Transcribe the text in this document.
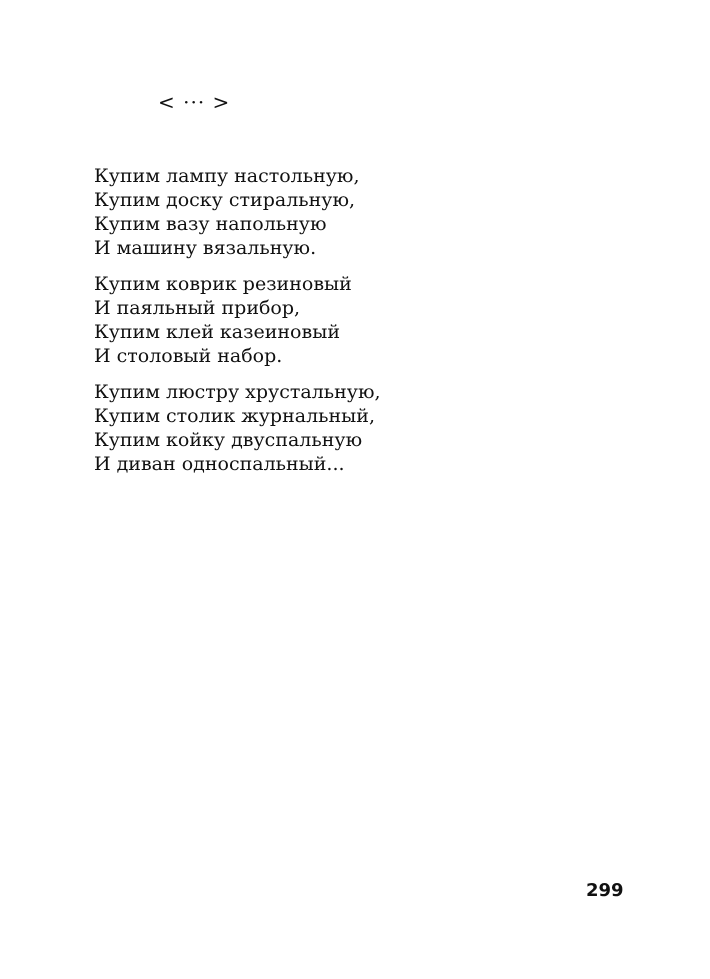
< ··· >
Купим лампу настольную,
Купим доску стиральную,
Купим вазу напольную
И машину вязальную.
Купим коврик резиновый
И паяльный прибор,
Купим клей казеиновый
И столовый набор.
Купим люстру хрустальную,
Купим столик журнальный,
Купим койку двуспальную
И диван односпальный...
299
